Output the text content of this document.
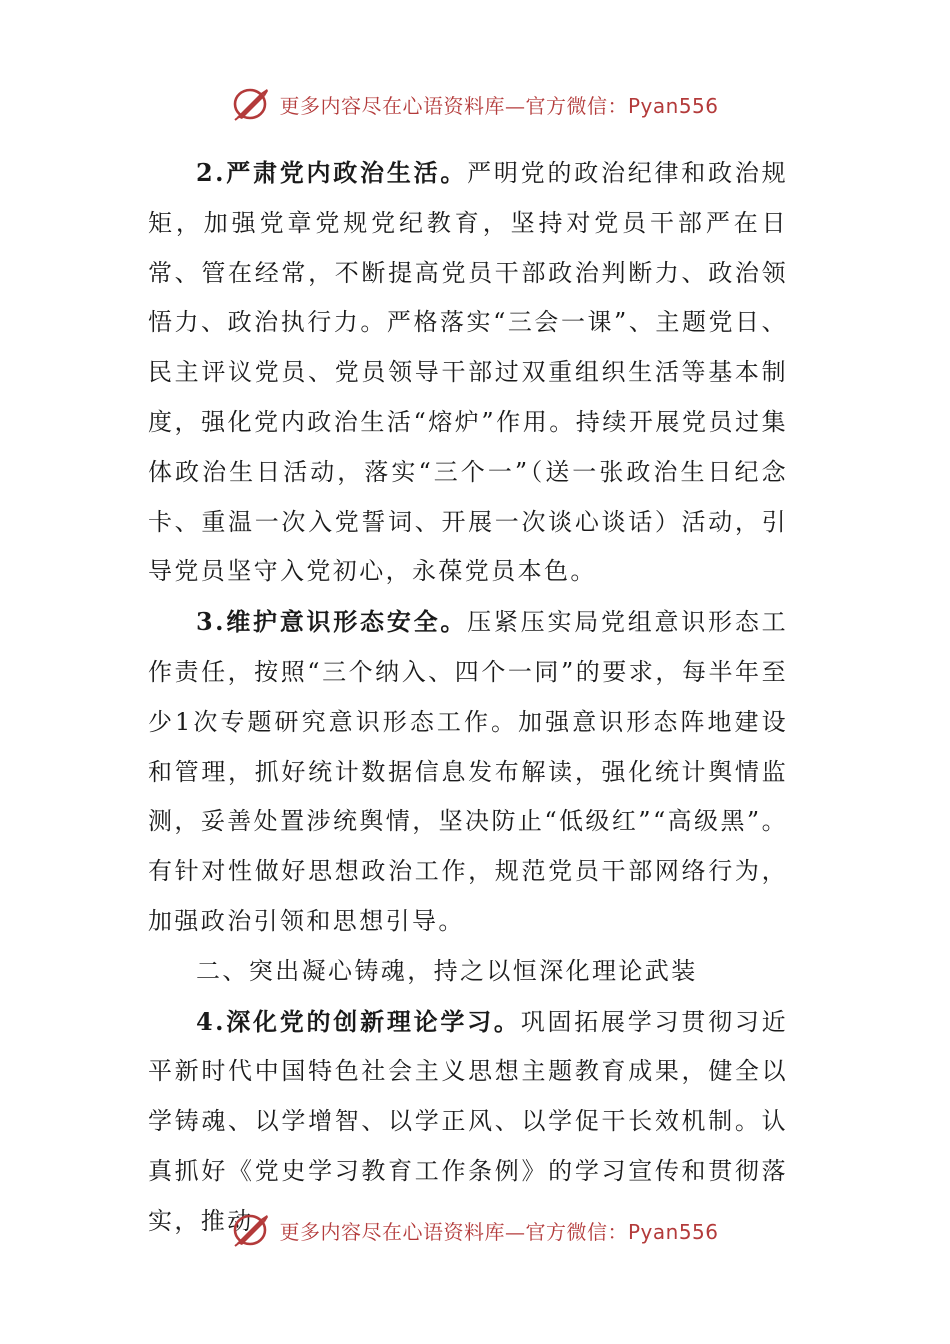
更多内容尽在心语资料库—官方微信：Pyan556

2.严肃党内政治生活。严明党的政治纪律和政治规矩，加强党章党规党纪教育，坚持对党员干部严在日常、管在经常，不断提高党员干部政治判断力、政治领悟力、政治执行力。严格落实“三会一课”、主题党日、民主评议党员、党员领导干部过双重组织生活等基本制度，强化党内政治生活“熔炉”作用。持续开展党员过集体政治生日活动，落实“三个一”（送一张政治生日纪念卡、重温一次入党誓词、开展一次谈心谈话）活动，引导党员坚守入党初心，永葆党员本色。

3.维护意识形态安全。压紧压实局党组意识形态工作责任，按照“三个纳入、四个一同”的要求，每半年至少1次专题研究意识形态工作。加强意识形态阵地建设和管理，抓好统计数据信息发布解读，强化统计舆情监测，妥善处置涉统舆情，坚决防止“低级红”“高级黑”。有针对性做好思想政治工作，规范党员干部网络行为，加强政治引领和思想引导。

二、突出凝心铸魂，持之以恒深化理论武装

4.深化党的创新理论学习。巩固拓展学习贯彻习近平新时代中国特色社会主义思想主题教育成果，健全以学铸魂、以学增智、以学正风、以学促干长效机制。认真抓好《党史学习教育工作条例》的学习宣传和贯彻落实，推动	更多内容尽在心语资料库—官方微信：Pyan556
